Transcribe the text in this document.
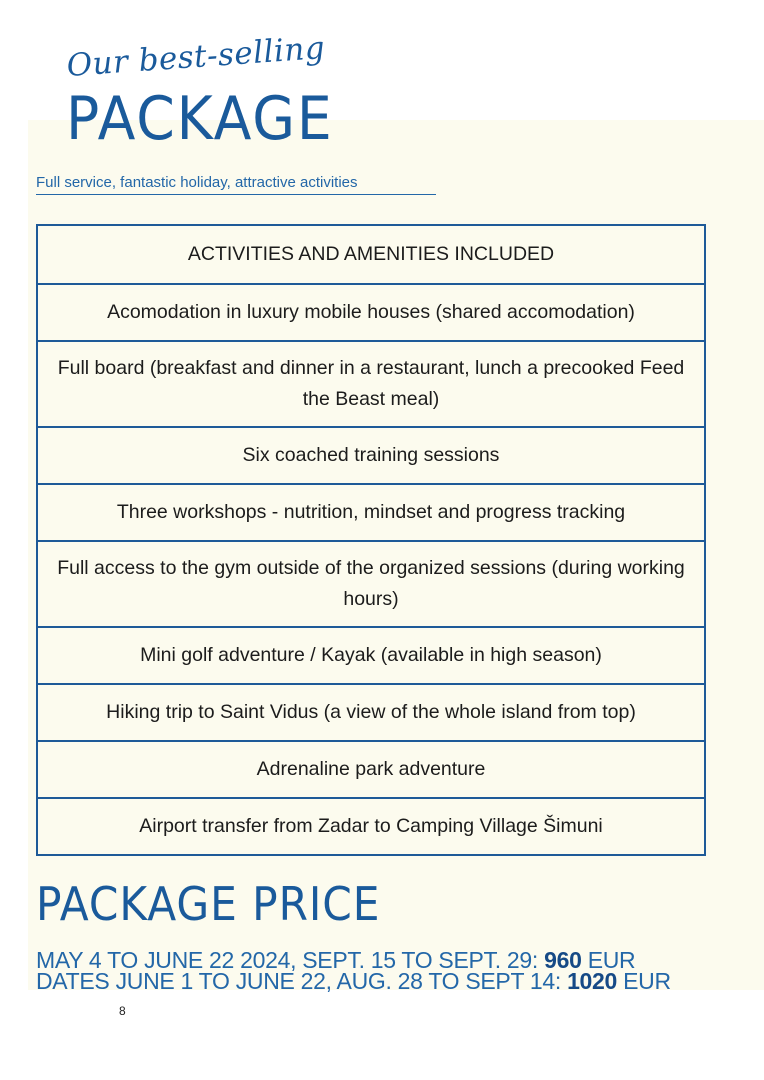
Our best-selling
PACKAGE
Full service, fantastic holiday, attractive activities
ACTIVITIES AND AMENITIES INCLUDED
Acomodation in luxury mobile houses (shared accomodation)
Full board (breakfast and dinner in a restaurant, lunch a precooked Feed the Beast meal)
Six coached training sessions
Three workshops - nutrition, mindset and progress tracking
Full access to the gym outside of the organized sessions (during working hours)
Mini golf adventure / Kayak (available in high season)
Hiking trip to Saint Vidus (a view of the whole island from top)
Adrenaline park adventure
Airport transfer from Zadar to Camping Village Šimuni
PACKAGE PRICE
MAY 4 TO JUNE 22 2024, SEPT. 15 TO SEPT. 29: 960 EUR
DATES JUNE 1 TO JUNE 22, AUG. 28 TO SEPT 14: 1020 EUR
8
